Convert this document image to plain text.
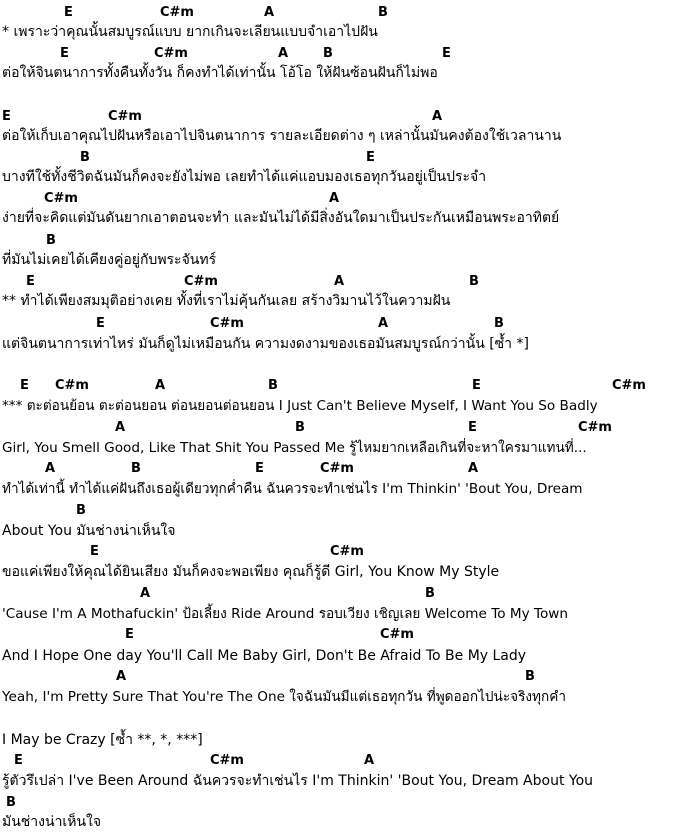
E	C#m	A	B
* เพราะว่าคุณนั้นสมบูรณ์แบบ ยากเกินจะเลียนแบบจำเอาไปฝัน
E	C#m	A	B	E
ต่อให้จินตนาการทั้งคืนทั้งวัน ก็คงทำได้เท่านั้น โอ้โอ ให้ฝันซ้อนฝันก็ไม่พอ
E	C#m	A
ต่อให้เก็บเอาคุณไปฝันหรือเอาไปจินตนาการ รายละเอียดต่าง ๆ เหล่านั้นมันคงต้องใช้เวลานาน
B	E
บางทีใช้ทั้งชีวิตฉันมันก็คงจะยังไม่พอ เลยทำได้แค่แอบมองเธอทุกวันอยู่เป็นประจำ
C#m	A
ง่ายที่จะคิดแต่มันดันยากเอาตอนจะทำ และมันไม่ได้มีสิ่งอันใดมาเป็นประกันเหมือนพระอาทิตย์
B
ที่มันไม่เคยได้เคียงคู่อยู่กับพระจันทร์
E	C#m	A	B
** ทำได้เพียงสมมุติอย่างเคย ทั้งที่เราไม่คุ้นกันเลย สร้างวิมานไว้ในความฝัน
E	C#m	A	B
แต่จินตนาการเท่าไหร่ มันก็ดูไม่เหมือนกัน ความงดงามของเธอมันสมบูรณ์กว่านั้น [ซ้ำ *]
E C#m	A	B	E	C#m
*** ตะต่อนย้อน ตะต่อนยอน ต่อนยอนต่อนยอน I Just Can't Believe Myself, I Want You So Badly
A	B	E	C#m
Girl, You Smell Good, Like That Shit You Passed Me รู้ไหมยากเหลือเกินที่จะหาใครมาแทนที่...
A	B	E	C#m	A
ทำได้เท่านี้ ทำได้แค่ฝันถึงเธอผู้เดียวทุกค่ำคืน ฉันควรจะทำเช่นไร I'm Thinkin' 'Bout You, Dream
B
About You มันช่างน่าเห็นใจ
E	C#m
ขอแค่เพียงให้คุณได้ยินเสียง มันก็คงจะพอเพียง คุณก็รู้ดี Girl, You Know My Style
A	B
'Cause I'm A Mothafuckin' ป้อเลี้ยง Ride Around รอบเวียง เชิญเลย Welcome To My Town
E	C#m
And I Hope One day You'll Call Me Baby Girl, Don't Be Afraid To Be My Lady
A	B
Yeah, I'm Pretty Sure That You're The One ใจฉันมันมีแต่เธอทุกวัน ที่พูดออกไปน่ะจริงทุกคำ
I May be Crazy [ซ้ำ **, *, ***]
E	C#m	A
รู้ตัวรึเปล่า I've Been Around ฉันควรจะทำเช่นไร I'm Thinkin' 'Bout You, Dream About You
B
มันช่างน่าเห็นใจ
